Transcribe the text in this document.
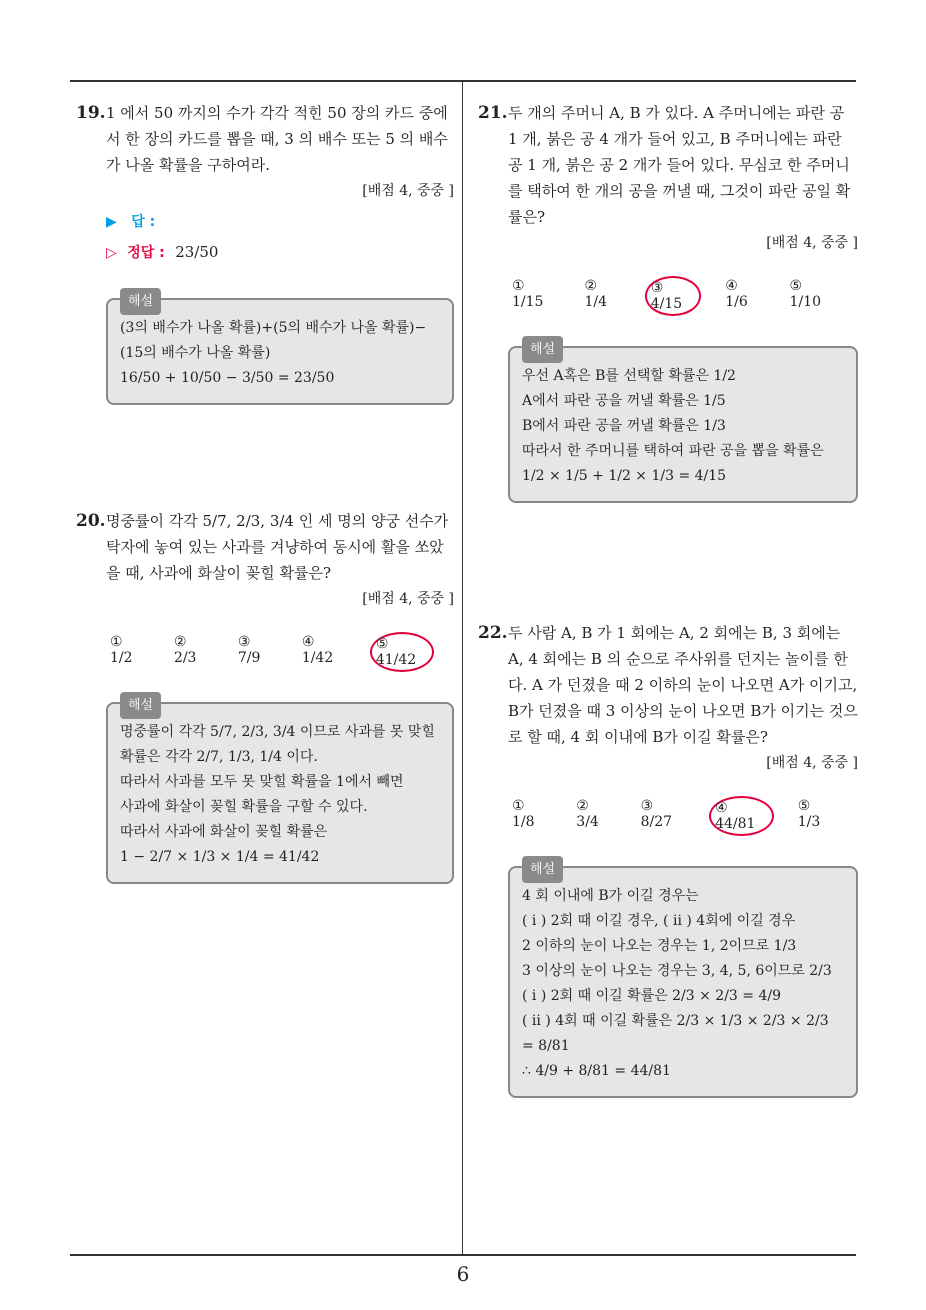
6
19. 1 에서 50 까지의 수가 각각 적힌 50 장의 카드 중에서 한 장의 카드를 뽑을 때, 3 의 배수 또는 5 의 배수가 나올 확률을 구하여라.
[배점 4, 중중 ]
▶ 답 :
▷ 정답 : 23/50
해설
(3의 배수가 나올 확률)+(5의 배수가 나올 확률)−
(15의 배수가 나올 확률)
16/50 + 10/50 − 3/50 = 23/50
20. 명중률이 각각 5/7, 2/3, 3/4 인 세 명의 양궁 선수가 탁자에 놓여 있는 사과를 겨냥하여 동시에 활을 쏘았을 때, 사과에 화살이 꽂힐 확률은?
[배점 4, 중중 ]
① 1/2
② 2/3
③ 7/9
④ 1/42
⑤ 41/42
해설
명중률이 각각 5/7, 2/3, 3/4 이므로 사과를 못 맞힐
확률은 각각 2/7, 1/3, 1/4 이다.
따라서 사과를 모두 못 맞힐 확률을 1에서 빼면
사과에 화살이 꽂힐 확률을 구할 수 있다.
따라서 사과에 화살이 꽂힐 확률은
1 − 2/7 × 1/3 × 1/4 = 41/42
21. 두 개의 주머니 A, B 가 있다. A 주머니에는 파란 공 1 개, 붉은 공 4 개가 들어 있고, B 주머니에는 파란 공 1 개, 붉은 공 2 개가 들어 있다. 무심코 한 주머니를 택하여 한 개의 공을 꺼낼 때, 그것이 파란 공일 확률은?
[배점 4, 중중 ]
① 1/15
② 1/4
③ 4/15
④ 1/6
⑤ 1/10
해설
우선 A혹은 B를 선택할 확률은 1/2
A에서 파란 공을 꺼낼 확률은 1/5
B에서 파란 공을 꺼낼 확률은 1/3
따라서 한 주머니를 택하여 파란 공을 뽑을 확률은
1/2 × 1/5 + 1/2 × 1/3 = 4/15
22. 두 사람 A, B 가 1 회에는 A, 2 회에는 B, 3 회에는 A, 4 회에는 B 의 순으로 주사위를 던지는 놀이를 한다. A 가 던졌을 때 2 이하의 눈이 나오면 A가 이기고, B가 던졌을 때 3 이상의 눈이 나오면 B가 이기는 것으로 할 때, 4 회 이내에 B가 이길 확률은?
[배점 4, 중중 ]
① 1/8
② 3/4
③ 8/27
④ 44/81
⑤ 1/3
해설
4 회 이내에 B가 이길 경우는
( i ) 2회 때 이길 경우, ( ii ) 4회에 이길 경우
2 이하의 눈이 나오는 경우는 1, 2이므로 1/3
3 이상의 눈이 나오는 경우는 3, 4, 5, 6이므로 2/3
( i ) 2회 때 이길 확률은 2/3 × 2/3 = 4/9
( ii ) 4회 때 이길 확률은 2/3 × 1/3 × 2/3 × 2/3 = 8/81
∴ 4/9 + 8/81 = 44/81
